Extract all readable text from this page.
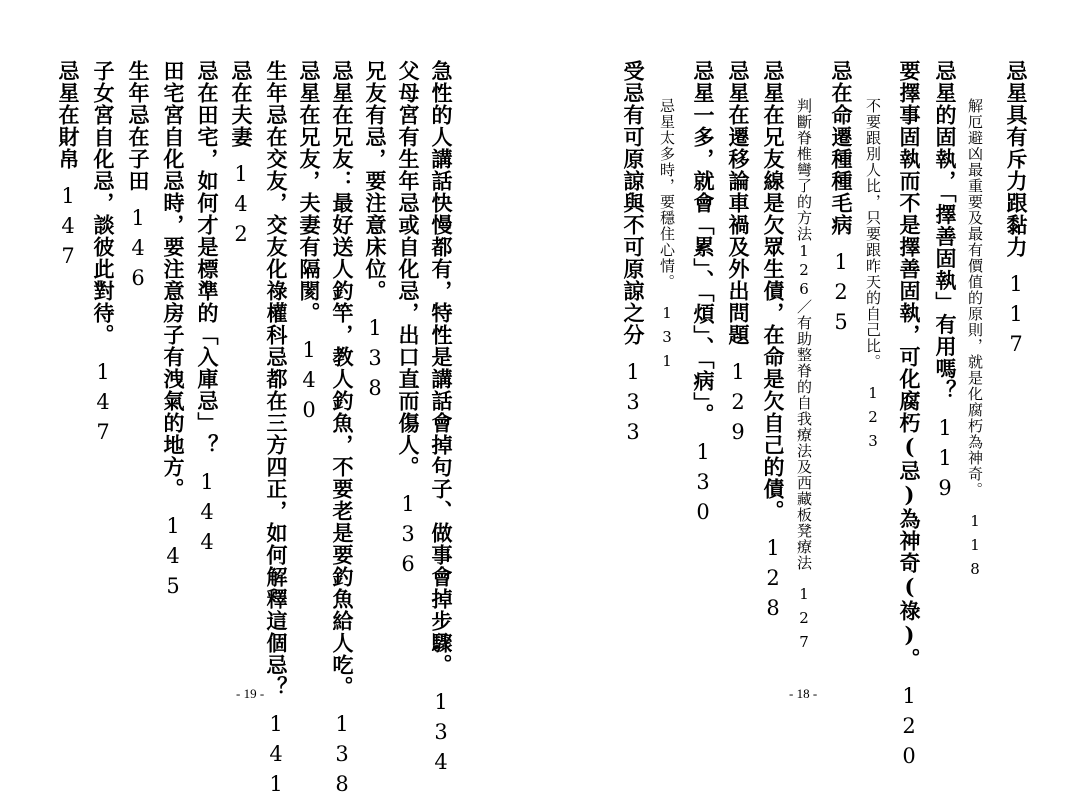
急性的人講話快慢都有，特性是講話會掉句子、做事會掉步驟。134
父母宮有生年忌或自化忌，出口直而傷人。136
兄友有忌，要注意床位。138
忌星在兄友：最好送人釣竿，教人釣魚，不要老是要釣魚給人吃。138
忌星在兄友，夫妻有隔閡。140
生年忌在交友，交友化祿權科忌都在三方四正，如何解釋這個忌？141
忌在夫妻142
忌在田宅，如何才是標準的「入庫忌」？144
田宅宮自化忌時，要注意房子有洩氣的地方。145
生年忌在子田146
子女宮自化忌，談彼此對待。147
忌星在財帛147
- 19 -
忌星具有斥力跟黏力117
解厄避凶最重要及最有價值的原則，就是化腐朽為神奇。118
忌星的固執，「擇善固執」有用嗎？119
要擇事固執而不是擇善固執，可化腐朽(忌)為神奇(祿)。120
不要跟別人比，只要跟昨天的自己比。123
忌在命遷種種毛病125
判斷脊椎彎了的方法126／有助整脊的自我療法及西藏板凳療法127
忌星在兄友線是欠眾生債，在命是欠自己的債。128
忌星在遷移論車禍及外出問題129
忌星一多，就會「累」、「煩」、「病」。130
忌星太多時，要穩住心情。131
受忌有可原諒與不可原諒之分133
- 18 -
